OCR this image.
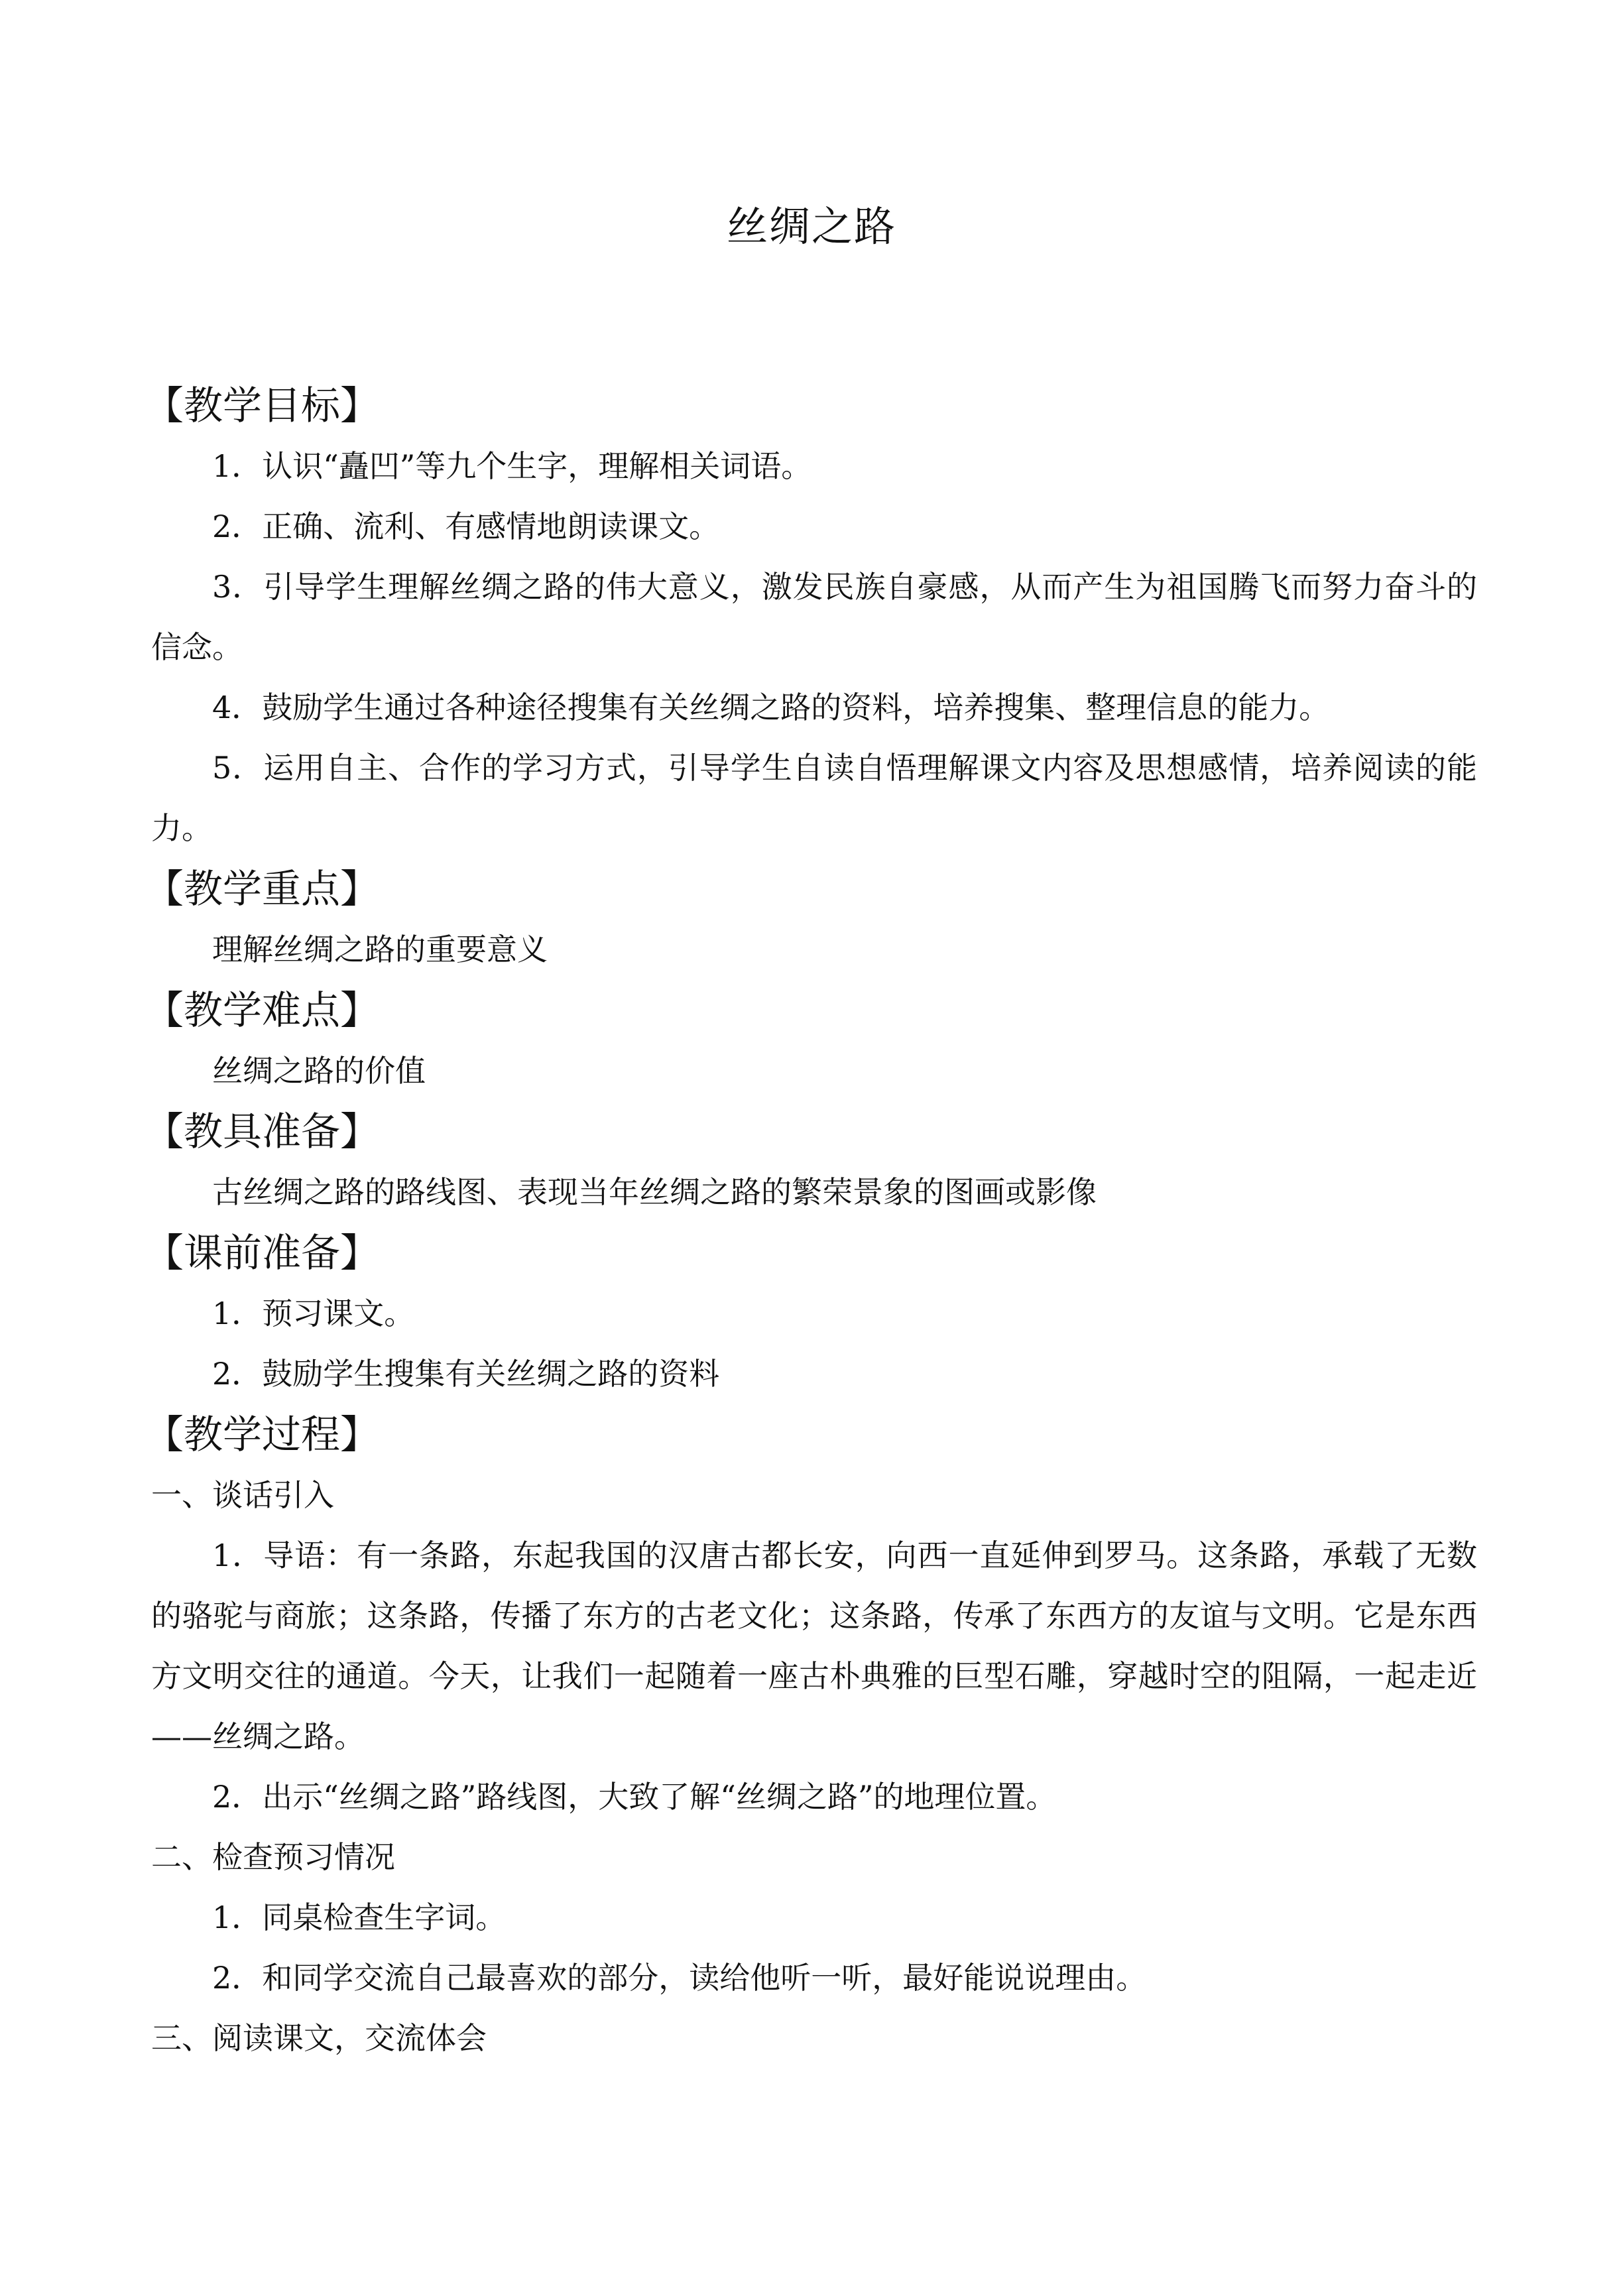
丝绸之路
【教学目标】

1．认识“矗凹”等九个生字，理解相关词语。

2．正确、流利、有感情地朗读课文。

3．引导学生理解丝绸之路的伟大意义，激发民族自豪感，从而产生为祖国腾飞而努力奋斗的信念。

4．鼓励学生通过各种途径搜集有关丝绸之路的资料，培养搜集、整理信息的能力。

5．运用自主、合作的学习方式，引导学生自读自悟理解课文内容及思想感情，培养阅读的能力。

【教学重点】

理解丝绸之路的重要意义

【教学难点】

丝绸之路的价值

【教具准备】

古丝绸之路的路线图、表现当年丝绸之路的繁荣景象的图画或影像

【课前准备】

1．预习课文。

2．鼓励学生搜集有关丝绸之路的资料

【教学过程】

一、谈话引入

1．导语：有一条路，东起我国的汉唐古都长安，向西一直延伸到罗马。这条路，承载了无数的骆驼与商旅；这条路，传播了东方的古老文化；这条路，传承了东西方的友谊与文明。它是东西方文明交往的通道。今天，让我们一起随着一座古朴典雅的巨型石雕，穿越时空的阻隔，一起走近——丝绸之路。

2．出示“丝绸之路”路线图，大致了解“丝绸之路”的地理位置。

二、检查预习情况

1．同桌检查生字词。

2．和同学交流自己最喜欢的部分，读给他听一听，最好能说说理由。

三、阅读课文，交流体会
